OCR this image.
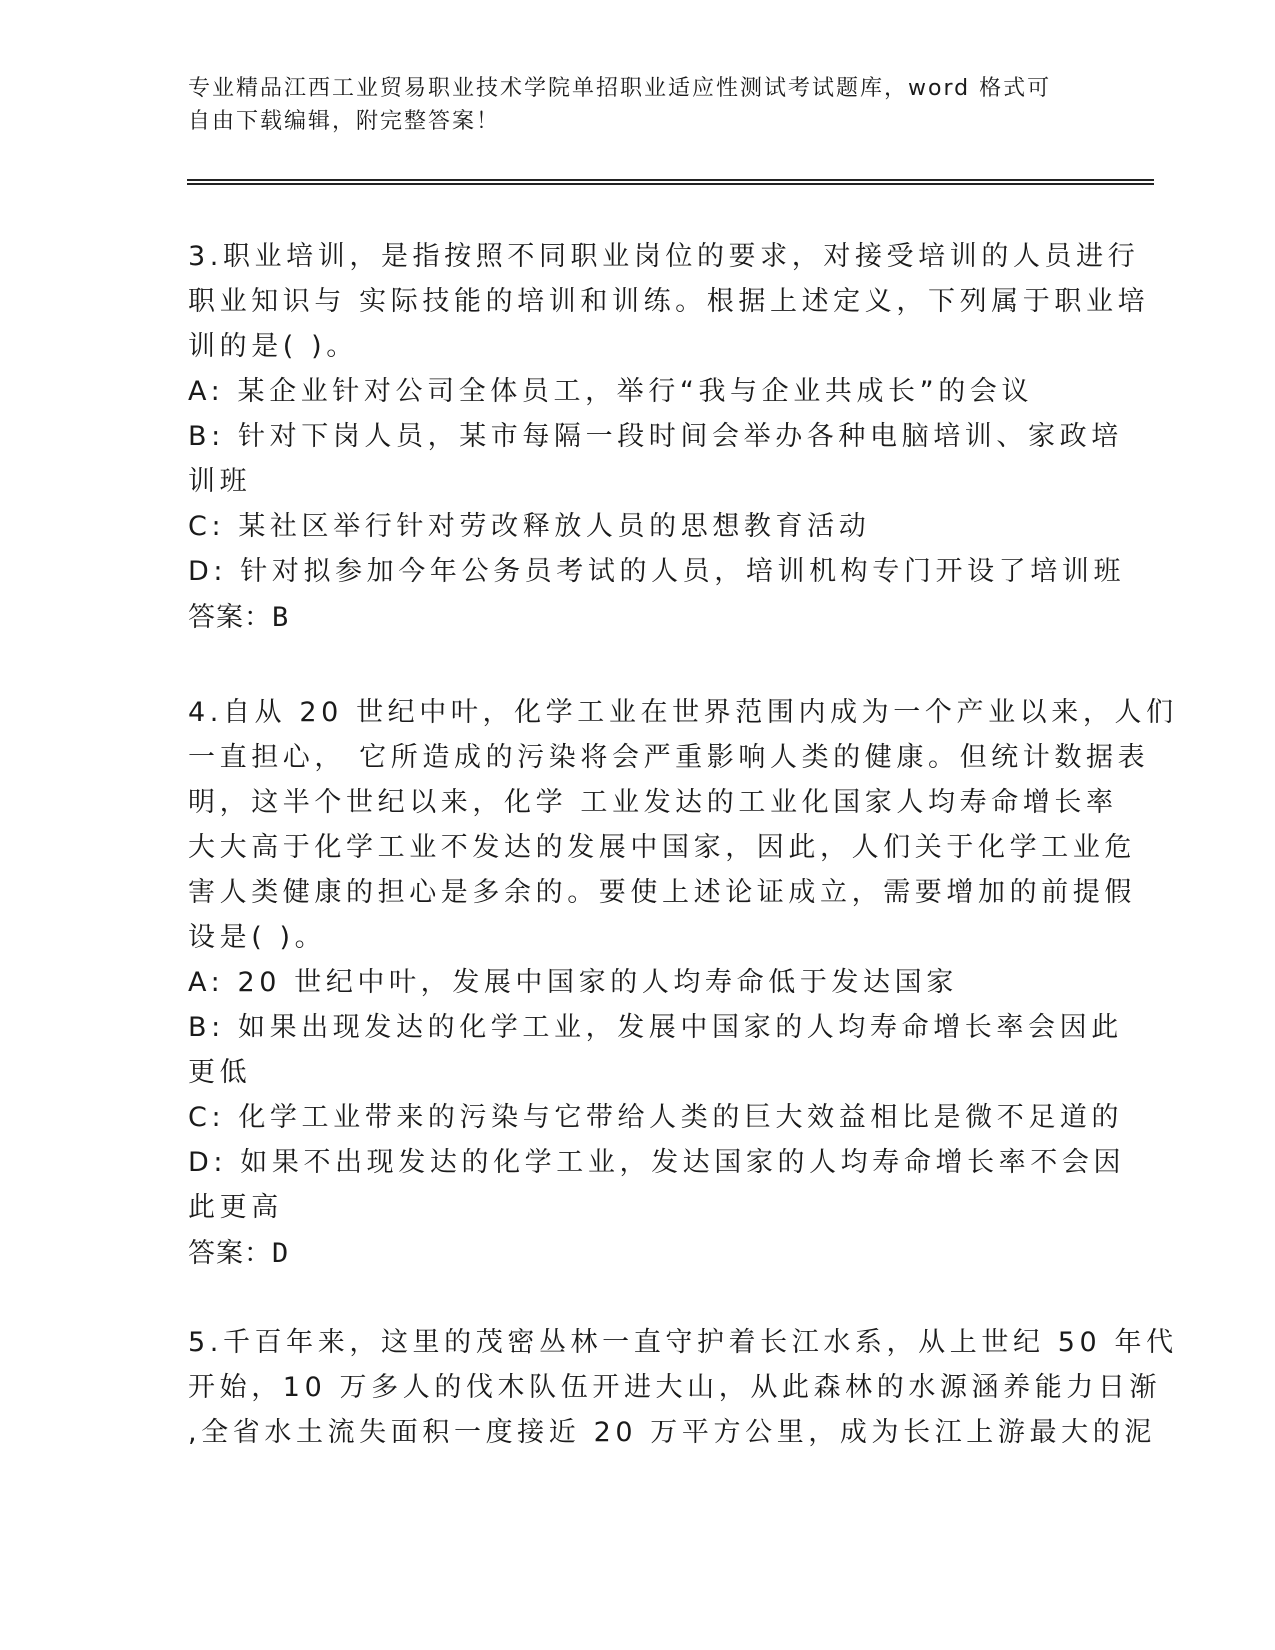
专业精品江西工业贸易职业技术学院单招职业适应性测试考试题库，word 格式可
自由下载编辑，附完整答案！
3.职业培训，是指按照不同职业岗位的要求，对接受培训的人员进行
职业知识与 实际技能的培训和训练。根据上述定义，下列属于职业培
训的是( )。
A: 某企业针对公司全体员工，举行“我与企业共成长”的会议
B: 针对下岗人员，某市每隔一段时间会举办各种电脑培训、家政培
训班
C: 某社区举行针对劳改释放人员的思想教育活动
D: 针对拟参加今年公务员考试的人员，培训机构专门开设了培训班
答案：B
4.自从 20 世纪中叶，化学工业在世界范围内成为一个产业以来，人们
一直担心， 它所造成的污染将会严重影响人类的健康。但统计数据表
明，这半个世纪以来，化学 工业发达的工业化国家人均寿命增长率
大大高于化学工业不发达的发展中国家，因此，人们关于化学工业危
害人类健康的担心是多余的。要使上述论证成立，需要增加的前提假
设是( )。
A: 20 世纪中叶，发展中国家的人均寿命低于发达国家
B: 如果出现发达的化学工业，发展中国家的人均寿命增长率会因此
更低
C: 化学工业带来的污染与它带给人类的巨大效益相比是微不足道的
D: 如果不出现发达的化学工业，发达国家的人均寿命增长率不会因
此更高
答案：D
5.千百年来，这里的茂密丛林一直守护着长江水系，从上世纪 50 年代
开始，10 万多人的伐木队伍开进大山，从此森林的水源涵养能力日渐
,全省水土流失面积一度接近 20 万平方公里，成为长江上游最大的泥
